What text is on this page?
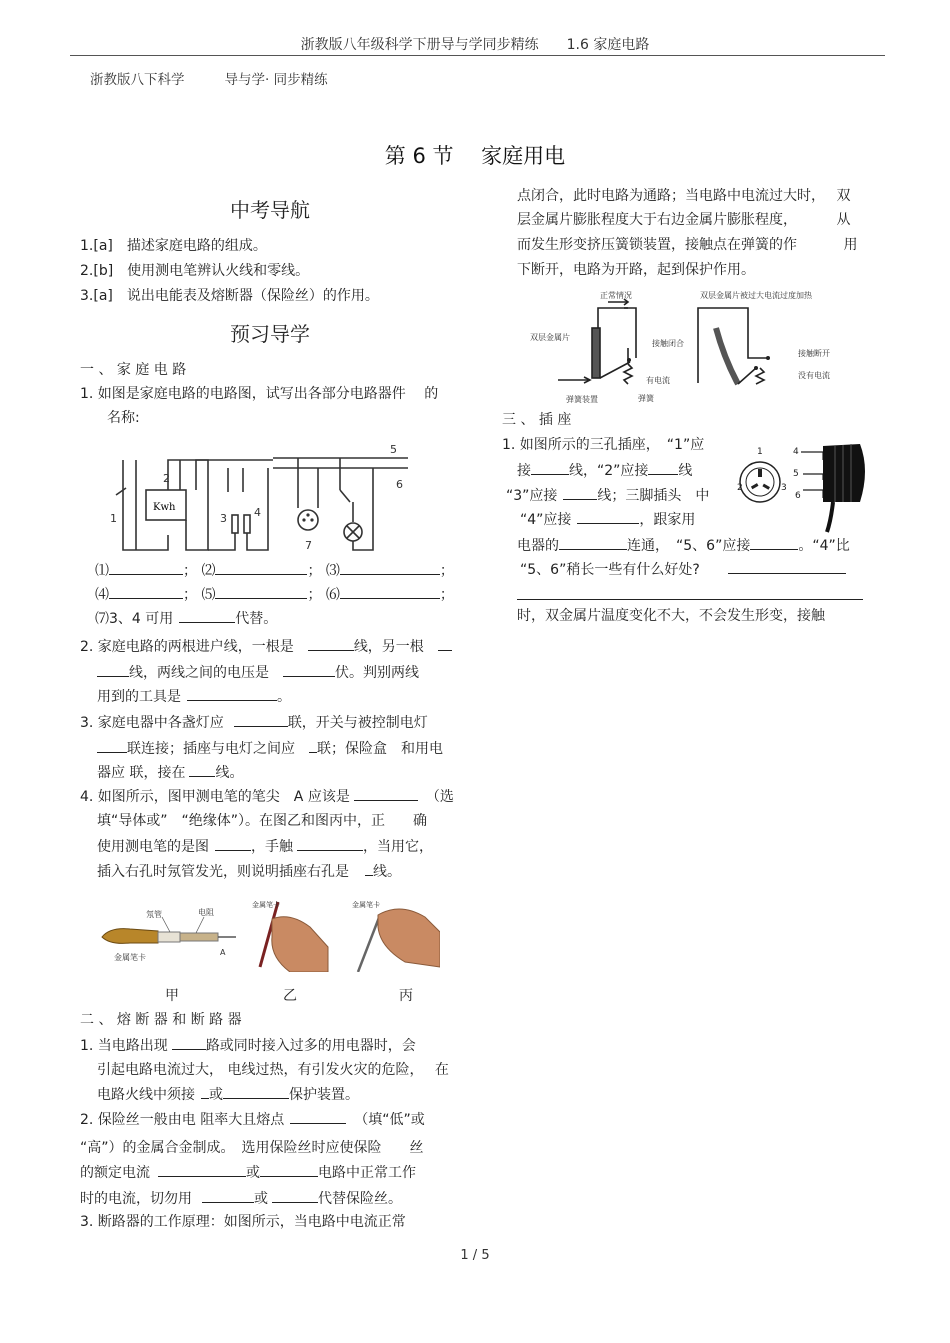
浙教版八年级科学下册导与学同步精练　　1.6 家庭电路
浙教版八下科学	导与学· 同步精练
第 6 节　 家庭用电
中考导航
1.[a]　描述家庭电路的组成。
2.[b]　使用测电笔辨认火线和零线。
3.[a]　说出电能表及熔断器（保险丝）的作用。
预习导学
一 、 家 庭 电 路
1. 如图是家庭电路的电路图，试写出各部分电路器件　 的
名称:
Kwh
1
2
3 4
5
6
7
⑴	； ⑵	； ⑶	；
⑷	； ⑸	； ⑹	；
⑺3、4 可用	代替。
2. 家庭电路的两根进户线，一根是	线，另一根
线，两线之间的电压是	伏。判别两线
用到的工具是	。
3. 家庭电器中各盏灯应	联，开关与被控制电灯
联连接；插座与电灯之间应 联；保险盒　和用电
器应 联，接在 线。
4. 如图所示，图甲测电笔的笔尖　A 应该是	（选
填“导体或”　“绝缘体”）。在图乙和图丙中，正　　确
使用测电笔的是图	，手触	，当用它，
插入右孔时氖管发光，则说明插座右孔是 线。
氖管	电阻
金属笔卡
A
金属笔卡	金属笔卡
甲	乙	丙
二 、 熔 断 器 和 断 路 器
1. 当电路出现	路或同时接入过多的用电器时，会
引起电路电流过大， 电线过热，有引发火灾的危险，　 在
电路火线中须接 或	保护装置。
2. 保险丝一般由电 阻率大且熔点	（填“低”或
“高”）的金属合金制成。　选用保险丝时应使保险　　丝
的额定电流	或	电路中正常工作
时的电流，切勿用	或	代替保险丝。
3. 断路器的工作原理：如图所示，当电路中电流正常
点闭合，此时电路为通路；当电路中电流过大时，　 双
层金属片膨胀程度大于右边金属片膨胀程度，　　　 从
而发生形变挤压簧锁装置，接触点在弹簧的作　　　 用
下断开，电路为开路，起到保护作用。
正常情况	双层金属片被过大电流过度加热
双层金属片
接触闭合
有电流
弹簧装置	弹簧
接触断开
没有电流
三 、 插 座
1. 如图所示的三孔插座，　“1”应
接	线，“2”应接 线
“3”应接	线；三脚插头　中
“4”应接	，跟家用
电器的	连通，　“5、6”应接	。“4”比
“5、6”稍长一些有什么好处?
时，双金属片温度变化不大，不会发生形变，接触
1
2	3
4
5
6
1 / 5
